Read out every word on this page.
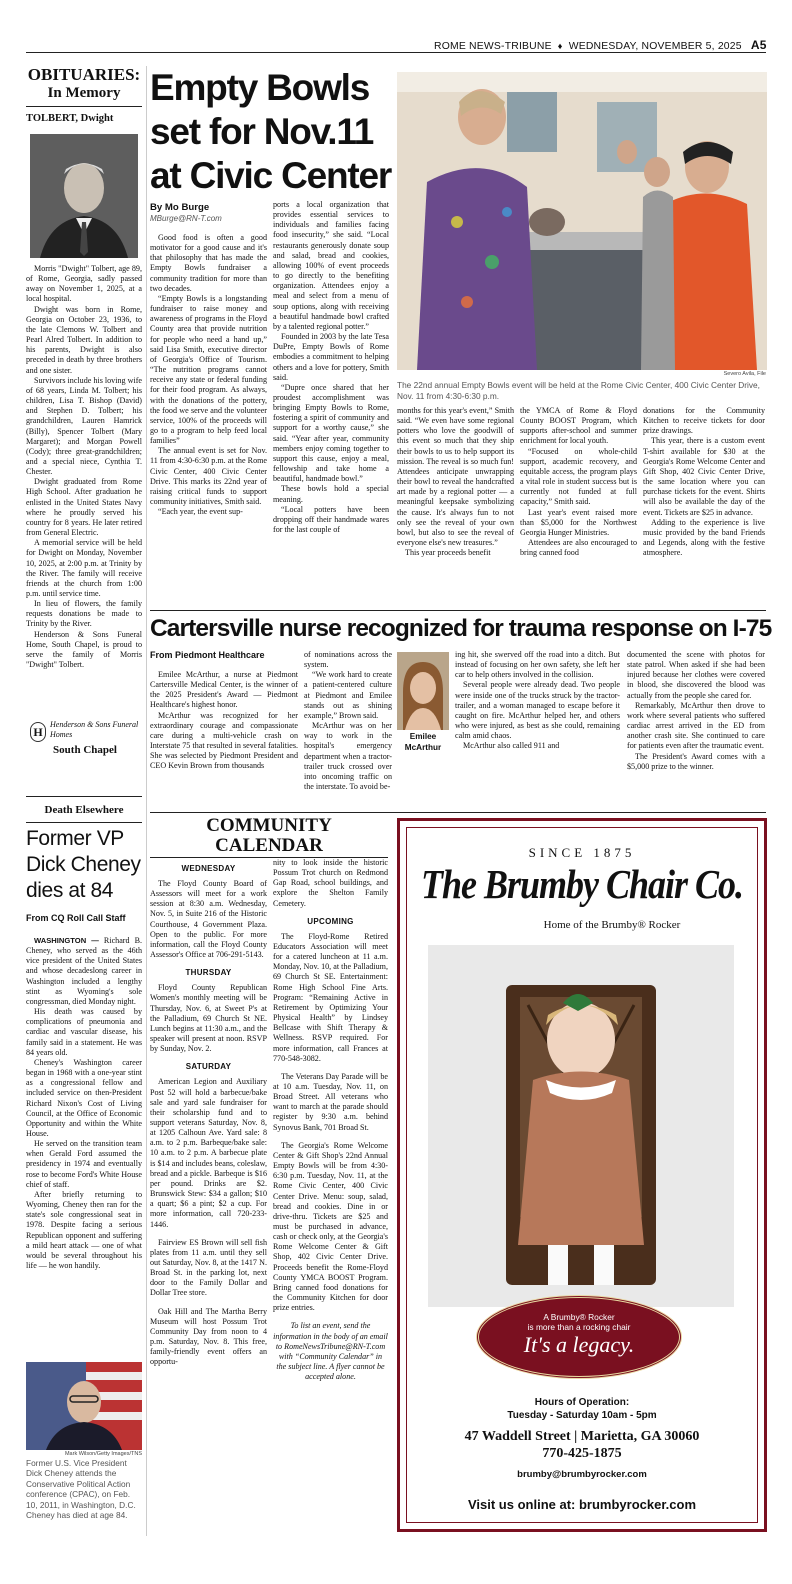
ROME NEWS-TRIBUNE ♦ WEDNESDAY, NOVEMBER 5, 2025 A5
OBITUARIES:
In Memory
TOLBERT, Dwight

Morris "Dwight" Tolbert, age 89, of Rome, Georgia, sadly passed away on November 1, 2025, at a local hospital.

Dwight was born in Rome, Georgia on October 23, 1936, to the late Clemons W. Tolbert and Pearl Alred Tolbert. In addition to his parents, Dwight is also preceded in death by three brothers and one sister.

Survivors include his loving wife of 68 years, Linda M. Tolbert; his children, Lisa T. Bishop (David) and Stephen D. Tolbert; his grandchildren, Lauren Hamrick (Billy), Spencer Tolbert (Mary Margaret); and Morgan Powell (Cody); three great-grandchildren; and a special niece, Cynthia T. Chester.

Dwight graduated from Rome High School. After graduation he enlisted in the United States Navy where he proudly served his country for 8 years. He later retired from General Electric.

A memorial service will be held for Dwight on Monday, November 10, 2025, at 2:00 p.m. at Trinity by the River. The family will receive friends at the church from 1:00 p.m. until service time.

In lieu of flowers, the family requests donations be made to Trinity by the River.

Henderson & Sons Funeral Home, South Chapel, is proud to serve the family of Morris "Dwight" Tolbert.

H
Henderson & Sons Funeral Homes
South Chapel
Death Elsewhere
Former VP Dick Cheney dies at 84
From CQ Roll Call Staff

WASHINGTON — Richard B. Cheney, who served as the 46th vice president of the United States and whose decadeslong career in Washington included a lengthy stint as Wyoming's sole congressman, died Monday night.

His death was caused by complications of pneumonia and cardiac and vascular disease, his family said in a statement. He was 84 years old.

Cheney's Washington career began in 1968 with a one-year stint as a congressional fellow and included service on then-President Richard Nixon's Cost of Living Council, at the Office of Economic Opportunity and within the White House.

He served on the transition team when Gerald Ford assumed the presidency in 1974 and eventually rose to become Ford's White House chief of staff.

After briefly returning to Wyoming, Cheney then ran for the state's sole congressional seat in 1978. Despite facing a serious Republican opponent and suffering a mild heart attack — one of what would be several throughout his life — he won handily.

Mark Wilson/Getty Images/TNS
Former U.S. Vice President Dick Cheney attends the Conservative Political Action conference (CPAC), on Feb. 10, 2011, in Washington, D.C. Cheney has died at age 84.
Empty Bowls set for Nov.11 at Civic Center
By Mo Burge
MBurge@RN-T.com

Good food is often a good motivator for a good cause and it's that philosophy that has made the Empty Bowls fundraiser a community tradition for more than two decades.

“Empty Bowls is a longstanding fundraiser to raise money and awareness of programs in the Floyd County area that provide nutrition for people who need a hand up,” said Lisa Smith, executive director of Georgia's Office of Tourism. “The nutrition programs cannot receive any state or federal funding for their food program. As always, with the donations of the pottery, the food we serve and the volunteer service, 100% of the proceeds will go to a program to help feed local families”

The annual event is set for Nov. 11 from 4:30-6:30 p.m. at the Rome Civic Center, 400 Civic Center Drive. This marks its 22nd year of raising critical funds to support community initiatives, Smith said.

“Each year, the event sup-

ports a local organization that provides essential services to individuals and families facing food insecurity,” she said. “Local restaurants generously donate soup and salad, bread and cookies, allowing 100% of event proceeds to go directly to the benefiting organization. Attendees enjoy a meal and select from a menu of soup options, along with receiving a beautiful handmade bowl crafted by a talented regional potter.”

Founded in 2003 by the late Tesa DuPre, Empty Bowls of Rome embodies a commitment to helping others and a love for pottery, Smith said.

“Dupre once shared that her proudest accomplishment was bringing Empty Bowls to Rome, fostering a spirit of community and support for a worthy cause,” she said. “Year after year, community members enjoy coming together to support this cause, enjoy a meal, fellowship and take home a beautiful, handmade bowl.”

These bowls hold a special meaning.

“Local potters have been dropping off their handmade wares for the last couple of

Severo Avila, File
The 22nd annual Empty Bowls event will be held at the Rome Civic Center, 400 Civic Center Drive, Nov. 11 from 4:30-6:30 p.m.

months for this year's event,” Smith said. “We even have some regional potters who love the goodwill of this event so much that they ship their bowls to us to help support its mission. The reveal is so much fun! Attendees anticipate unwrapping their bowl to reveal the handcrafted art made by a regional potter — a meaningful keepsake symbolizing the cause. It's always fun to not only see the reveal of your own bowl, but also to see the reveal of everyone else's new treasures.”

This year proceeds benefit

the YMCA of Rome & Floyd County BOOST Program, which supports after-school and summer enrichment for local youth.

“Focused on whole-child support, academic recovery, and equitable access, the program plays a vital role in student success but is currently not funded at full capacity,” Smith said.

Last year's event raised more than $5,000 for the Northwest Georgia Hunger Ministries.

Attendees are also encouraged to bring canned food

donations for the Community Kitchen to receive tickets for door prize drawings.

This year, there is a custom event T-shirt available for $30 at the Georgia's Rome Welcome Center and Gift Shop, 402 Civic Center Drive, the same location where you can purchase tickets for the event. Shirts will also be available the day of the event. Tickets are $25 in advance.

Adding to the experience is live music provided by the band Friends and Legends, along with the festive atmosphere.

Cartersville nurse recognized for trauma response on I-75
From Piedmont Healthcare

Emilee McArthur, a nurse at Piedmont Cartersville Medical Center, is the winner of the 2025 President's Award — Piedmont Healthcare's highest honor.

McArthur was recognized for her extraordinary courage and compassionate care during a multi-vehicle crash on Interstate 75 that resulted in several fatalities. She was selected by Piedmont President and CEO Kevin Brown from thousands

of nominations across the system.

“We work hard to create a patient-centered culture at Piedmont and Emilee stands out as shining example,” Brown said.

McArthur was on her way to work in the hospital's emergency department when a tractor-trailer truck crossed over into oncoming traffic on the interstate. To avoid be-

Emilee McArthur

ing hit, she swerved off the road into a ditch. But instead of focusing on her own safety, she left her car to help others involved in the collision.

Several people were already dead. Two people were inside one of the trucks struck by the tractor-trailer, and a woman managed to escape before it caught on fire. McArthur helped her, and others who were injured, as best as she could, remaining calm amid chaos.

McArthur also called 911 and

documented the scene with photos for state patrol. When asked if she had been injured because her clothes were covered in blood, she discovered the blood was actually from the people she cared for.

Remarkably, McArthur then drove to work where several patients who suffered cardiac arrest arrived in the ED from another crash site. She continued to care for patients even after the traumatic event.

The President's Award comes with a $5,000 prize to the winner.

COMMUNITY
CALENDAR
WEDNESDAY

The Floyd County Board of Assessors will meet for a work session at 8:30 a.m. Wednesday, Nov. 5, in Suite 216 of the Historic Courthouse, 4 Government Plaza. Open to the public. For more information, call the Floyd County Assessor's Office at 706-291-5143.

THURSDAY

Floyd County Republican Women's monthly meeting will be Thursday, Nov. 6, at Sweet P's at the Palladium, 69 Church St NE. Lunch begins at 11:30 a.m., and the speaker will present at noon. RSVP by Sunday, Nov. 2.

SATURDAY

American Legion and Auxiliary Post 52 will hold a barbecue/bake sale and yard sale fundraiser for their scholarship fund and to support veterans Saturday, Nov. 8, at 1205 Calhoun Ave. Yard sale: 8 a.m. to 2 p.m. Barbeque/bake sale: 10 a.m. to 2 p.m. A barbecue plate is $14 and includes beans, coleslaw, bread and a pickle. Barbeque is $16 per pound. Drinks are $2. Brunswick Stew: $34 a gallon; $10 a quart; $6 a pint; $2 a cup. For more information, call 720-233-1446.

Fairview ES Brown will sell fish plates from 11 a.m. until they sell out Saturday, Nov. 8, at the 1417 N. Broad St. in the parking lot, next door to the Family Dollar and Dollar Tree store.

Oak Hill and The Martha Berry Museum will host Possum Trot Community Day from noon to 4 p.m. Saturday, Nov. 8. This free, family-friendly event offers an opportu-

nity to look inside the historic Possum Trot church on Redmond Gap Road, school buildings, and explore the Shelton Family Cemetery.

UPCOMING

The Floyd-Rome Retired Educators Association will meet for a catered luncheon at 11 a.m. Monday, Nov. 10, at the Palladium, 69 Church St SE. Entertainment: Rome High School Fine Arts. Program: “Remaining Active in Retirement by Optimizing Your Physical Health” by Lindsey Bellcase with Shift Therapy & Wellness. RSVP required. For more information, call Frances at 770-548-3082.

The Veterans Day Parade will be at 10 a.m. Tuesday, Nov. 11, on Broad Street. All veterans who want to march at the parade should register by 9:30 a.m. behind Synovus Bank, 701 Broad St.

The Georgia's Rome Welcome Center & Gift Shop's 22nd Annual Empty Bowls will be from 4:30-6:30 p.m. Tuesday, Nov. 11, at the Rome Civic Center, 400 Civic Center Drive. Menu: soup, salad, bread and cookies. Dine in or drive-thru. Tickets are $25 and must be purchased in advance, cash or check only, at the Georgia's Rome Welcome Center & Gift Shop, 402 Civic Center Drive. Proceeds benefit the Rome-Floyd County YMCA BOOST Program. Bring canned food donations for the Community Kitchen for door prize entries.

To list an event, send the information in the body of an email to RomeNewsTribune@RN-T.com with “Community Calendar” in the subject line. A flyer cannot be accepted alone.

SINCE 1875
The Brumby Chair Co.
Home of the Brumby® Rocker
A Brumby® Rocker
is more than a rocking chair
It's a legacy.
Hours of Operation:
Tuesday - Saturday 10am - 5pm
47 Waddell Street | Marietta, GA 30060
770-425-1875
brumby@brumbyrocker.com
Visit us online at: brumbyrocker.com
